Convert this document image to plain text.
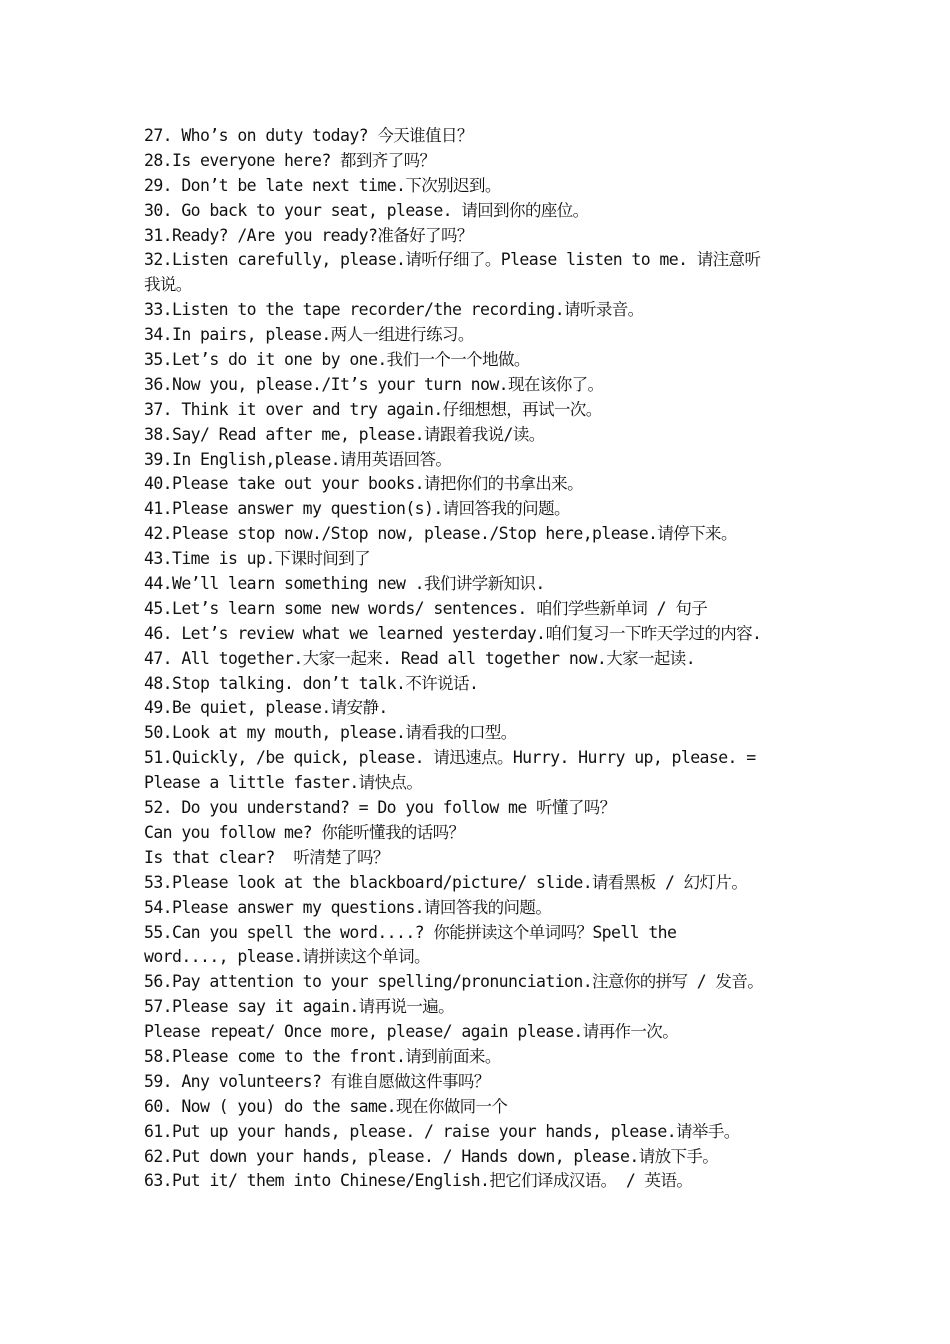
27. Who’s on duty today? 今天谁值日？
28.Is everyone here? 都到齐了吗？
29. Don’t be late next time.下次别迟到。
30. Go back to your seat, please. 请回到你的座位。
31.Ready? /Are you ready?准备好了吗？
32.Listen carefully, please.请听仔细了。Please listen to me. 请注意听
我说。
33.Listen to the tape recorder/the recording.请听录音。
34.In pairs, please.两人一组进行练习。
35.Let’s do it one by one.我们一个一个地做。
36.Now you, please./It’s your turn now.现在该你了。
37. Think it over and try again.仔细想想，再试一次。
38.Say/ Read after me, please.请跟着我说/读。
39.In English,please.请用英语回答。
40.Please take out your books.请把你们的书拿出来。
41.Please answer my question(s).请回答我的问题。
42.Please stop now./Stop now, please./Stop here,please.请停下来。
43.Time is up.下课时间到了
44.We’ll learn something new .我们讲学新知识.
45.Let’s learn some new words/ sentences. 咱们学些新单词 / 句子
46. Let’s review what we learned yesterday.咱们复习一下昨天学过的内容.
47. All together.大家一起来. Read all together now.大家一起读.
48.Stop talking. don’t talk.不许说话.
49.Be quiet, please.请安静.
50.Look at my mouth, please.请看我的口型。
51.Quickly, /be quick, please. 请迅速点。Hurry. Hurry up, please. =
Please a little faster.请快点。
52. Do you understand? = Do you follow me 听懂了吗？
Can you follow me? 你能听懂我的话吗？
Is that clear?  听清楚了吗？
53.Please look at the blackboard/picture/ slide.请看黑板 / 幻灯片。
54.Please answer my questions.请回答我的问题。
55.Can you spell the word....? 你能拼读这个单词吗？Spell the
word...., please.请拼读这个单词。
56.Pay attention to your spelling/pronunciation.注意你的拼写 / 发音。
57.Please say it again.请再说一遍。
Please repeat/ Once more, please/ again please.请再作一次。
58.Please come to the front.请到前面来。
59. Any volunteers? 有谁自愿做这件事吗？
60. Now ( you) do the same.现在你做同一个
61.Put up your hands, please. / raise your hands, please.请举手。
62.Put down your hands, please. / Hands down, please.请放下手。
63.Put it/ them into Chinese/English.把它们译成汉语。 / 英语。
